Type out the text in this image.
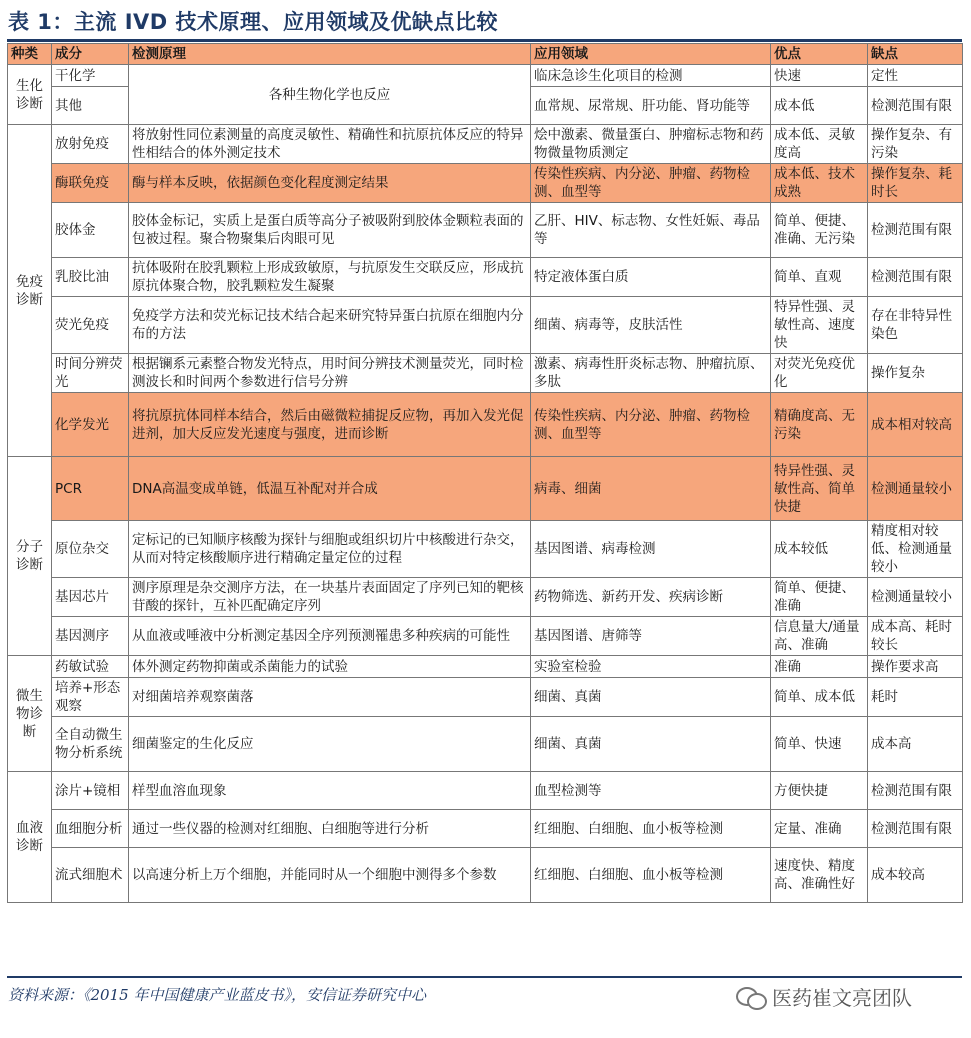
表 1：主流 IVD 技术原理、应用领域及优缺点比较
种类	成分	检测原理	应用领域	优点	缺点
生化诊断	干化学	各种生物化学也反应	临床急诊生化项目的检测	快速	定性
	其他		血常规、尿常规、肝功能、肾功能等	成本低	检测范围有限
免疫诊断	放射免疫	将放射性同位素测量的高度灵敏性、精确性和抗原抗体反应的特异性相结合的体外测定技术	烩中激素、微量蛋白、肿瘤标志物和药物微量物质测定	成本低、灵敏度高	操作复杂、有污染
	酶联免疫	酶与样本反映，依据颜色变化程度测定结果	传染性疾病、内分泌、肿瘤、药物检测、血型等	成本低、技术成熟	操作复杂、耗时长
	胶体金	胶体金标记，实质上是蛋白质等高分子被吸附到胶体金颗粒表面的包被过程。聚合物聚集后肉眼可见	乙肝、HIV、标志物、女性妊娠、毒品等	简单、便捷、准确、无污染	检测范围有限
	乳胶比油	抗体吸附在胶乳颗粒上形成致敏原，与抗原发生交联反应，形成抗原抗体聚合物，胶乳颗粒发生凝聚	特定液体蛋白质	简单、直观	检测范围有限
	荧光免疫	免疫学方法和荧光标记技术结合起来研究特异蛋白抗原在细胞内分布的方法	细菌、病毒等，皮肤活性	特异性强、灵敏性高、速度快	存在非特异性染色
	时间分辨荧光	根据镧系元素整合物发光特点，用时间分辨技术测量荧光，同时检测波长和时间两个参数进行信号分辨	激素、病毒性肝炎标志物、肿瘤抗原、多肽	对荧光免疫优化	操作复杂
	化学发光	将抗原抗体同样本结合，然后由磁微粒捕捉反应物，再加入发光促进剂，加大反应发光速度与强度，进而诊断	传染性疾病、内分泌、肿瘤、药物检测、血型等	精确度高、无污染	成本相对较高
分子诊断	PCR	DNA高温变成单链，低温互补配对并合成	病毒、细菌	特异性强、灵敏性高、简单快捷	检测通量较小
	原位杂交	定标记的已知顺序核酸为探针与细胞或组织切片中核酸进行杂交，从而对特定核酸顺序进行精确定量定位的过程	基因图谱、病毒检测	成本较低	精度相对较低、检测通量较小
	基因芯片	测序原理是杂交测序方法，在一块基片表面固定了序列已知的靶核苷酸的探针，互补匹配确定序列	药物筛选、新药开发、疾病诊断	简单、便捷、准确	检测通量较小
	基因测序	从血液或唾液中分析测定基因全序列预测罹患多种疾病的可能性	基因图谱、唐筛等	信息量大/通量高、准确	成本高、耗时较长
微生物诊断	药敏试验	体外测定药物抑菌或杀菌能力的试验	实验室检验	准确	操作要求高
	培养+形态观察	对细菌培养观察菌落	细菌、真菌	简单、成本低	耗时
	全自动微生物分析系统	细菌鉴定的生化反应	细菌、真菌	简单、快速	成本高
血液诊断	涂片+镜相	样型血溶血现象	血型检测等	方便快捷	检测范围有限
	血细胞分析	通过一些仪器的检测对红细胞、白细胞等进行分析	红细胞、白细胞、血小板等检测	定量、准确	检测范围有限
	流式细胞术	以高速分析上万个细胞，并能同时从一个细胞中测得多个参数	红细胞、白细胞、血小板等检测	速度快、精度高、准确性好	成本较高
资料来源：《2015 年中国健康产业蓝皮书》，安信证券研究中心	医药崔文亮团队
